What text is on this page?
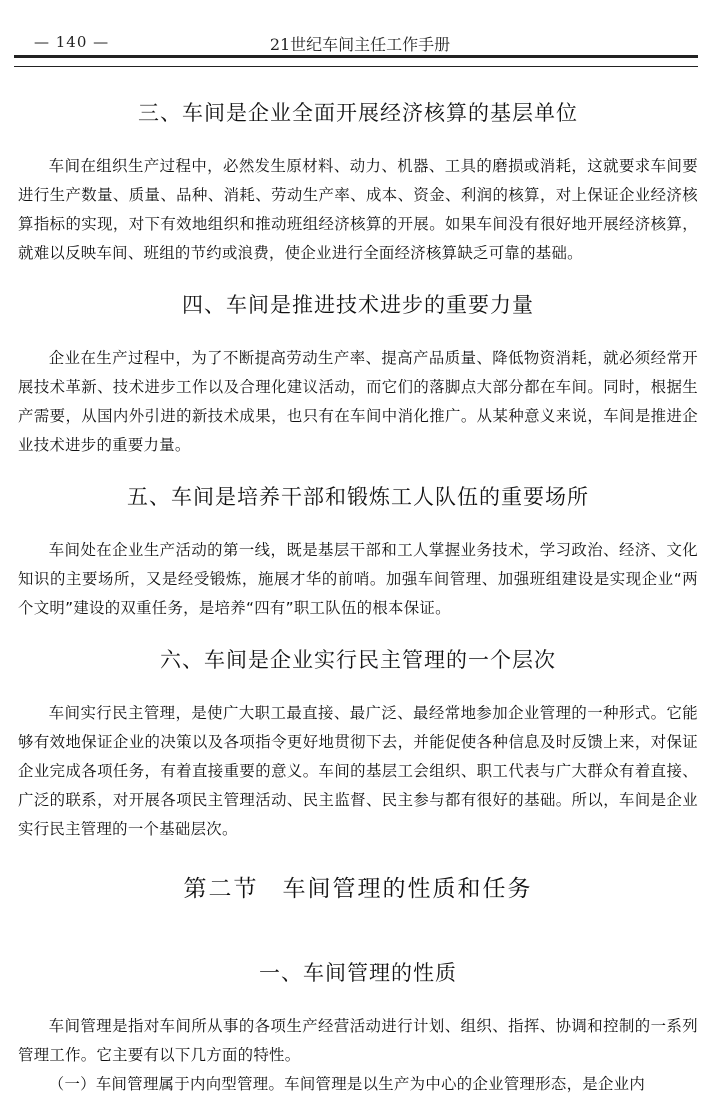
— 140 —	21世纪车间主任工作手册
三、车间是企业全面开展经济核算的基层单位

车间在组织生产过程中，必然发生原材料、动力、机器、工具的磨损或消耗，这就要求车间要进行生产数量、质量、品种、消耗、劳动生产率、成本、资金、利润的核算，对上保证企业经济核算指标的实现，对下有效地组织和推动班组经济核算的开展。如果车间没有很好地开展经济核算，就难以反映车间、班组的节约或浪费，使企业进行全面经济核算缺乏可靠的基础。

四、车间是推进技术进步的重要力量

企业在生产过程中，为了不断提高劳动生产率、提高产品质量、降低物资消耗，就必须经常开展技术革新、技术进步工作以及合理化建议活动，而它们的落脚点大部分都在车间。同时，根据生产需要，从国内外引进的新技术成果，也只有在车间中消化推广。从某种意义来说，车间是推进企业技术进步的重要力量。

五、车间是培养干部和锻炼工人队伍的重要场所

车间处在企业生产活动的第一线，既是基层干部和工人掌握业务技术，学习政治、经济、文化知识的主要场所，又是经受锻炼，施展才华的前哨。加强车间管理、加强班组建设是实现企业“两个文明”建设的双重任务，是培养“四有”职工队伍的根本保证。

六、车间是企业实行民主管理的一个层次

车间实行民主管理，是使广大职工最直接、最广泛、最经常地参加企业管理的一种形式。它能够有效地保证企业的决策以及各项指令更好地贯彻下去，并能促使各种信息及时反馈上来，对保证企业完成各项任务，有着直接重要的意义。车间的基层工会组织、职工代表与广大群众有着直接、广泛的联系，对开展各项民主管理活动、民主监督、民主参与都有很好的基础。所以，车间是企业实行民主管理的一个基础层次。

第二节 车间管理的性质和任务
一、车间管理的性质

车间管理是指对车间所从事的各项生产经营活动进行计划、组织、指挥、协调和控制的一系列管理工作。它主要有以下几方面的特性。

（一）车间管理属于内向型管理。车间管理是以生产为中心的企业管理形态，是企业内
